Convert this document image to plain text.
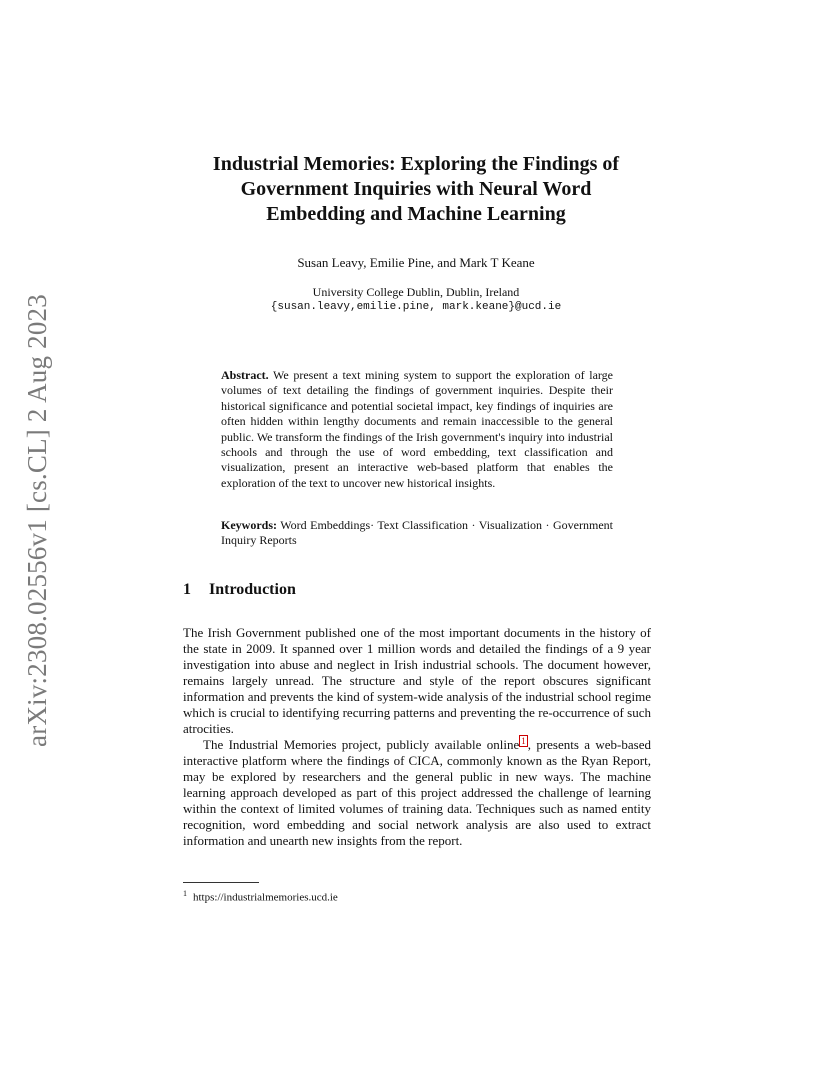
arXiv:2308.02556v1 [cs.CL] 2 Aug 2023
Industrial Memories: Exploring the Findings of
Government Inquiries with Neural Word
Embedding and Machine Learning

Susan Leavy, Emilie Pine, and Mark T Keane

University College Dublin, Dublin, Ireland
{susan.leavy,emilie.pine, mark.keane}@ucd.ie
Abstract. We present a text mining system to support the exploration of large volumes of text detailing the findings of government inquiries. Despite their historical significance and potential societal impact, key findings of inquiries are often hidden within lengthy documents and remain inaccessible to the general public. We transform the findings of the Irish government's inquiry into industrial schools and through the use of word embedding, text classification and visualization, present an interactive web-based platform that enables the exploration of the text to uncover new historical insights.
Keywords: Word Embeddings· Text Classification · Visualization · Government Inquiry Reports
1 Introduction

The Irish Government published one of the most important documents in the history of the state in 2009. It spanned over 1 million words and detailed the findings of a 9 year investigation into abuse and neglect in Irish industrial schools. The document however, remains largely unread. The structure and style of the report obscures significant information and prevents the kind of system-wide analysis of the industrial school regime which is crucial to identifying recurring patterns and preventing the re-occurrence of such atrocities.

The Industrial Memories project, publicly available online $^1$ , presents a web-based interactive platform where the findings of CICA, commonly known as the Ryan Report, may be explored by researchers and the general public in new ways. The machine learning approach developed as part of this project addressed the challenge of learning within the context of limited volumes of training data. Techniques such as named entity recognition, word embedding and social network analysis are also used to extract information and unearth new insights from the report.

$^1$ https://industrialmemories.ucd.ie
